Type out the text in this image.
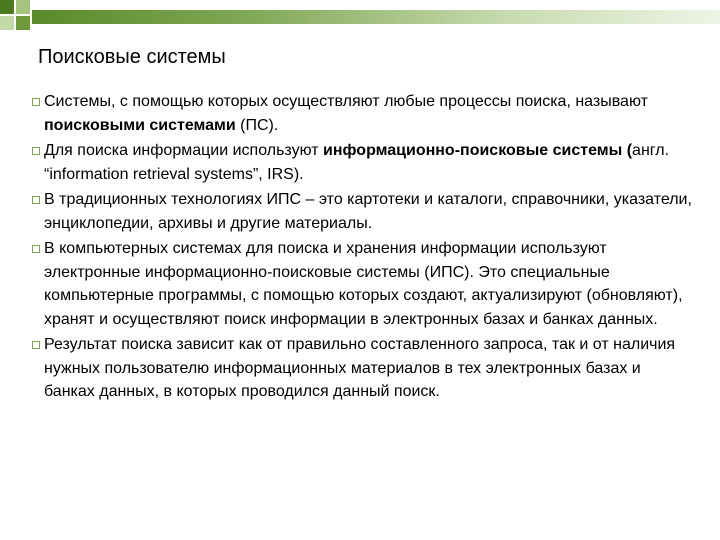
Поисковые системы

Системы, с помощью которых осуществляют любые процессы поиска, называют поисковыми системами (ПС).

Для поиска информации используют информационно-поисковые системы (англ. “information retrieval systems”, IRS).

В традиционных технологиях ИПС – это картотеки и каталоги, справочники, указатели, энциклопедии, архивы и другие материалы.

В компьютерных системах для поиска и хранения информации используют электронные информационно-поисковые системы (ИПС). Это специальные компьютерные программы, с помощью которых создают, актуализируют (обновляют), хранят и осуществляют поиск информации в электронных базах и банках данных.

Результат поиска зависит как от правильно составленного запроса, так и от наличия нужных пользователю информационных материалов в тех электронных базах и банках данных, в которых проводился данный поиск.
